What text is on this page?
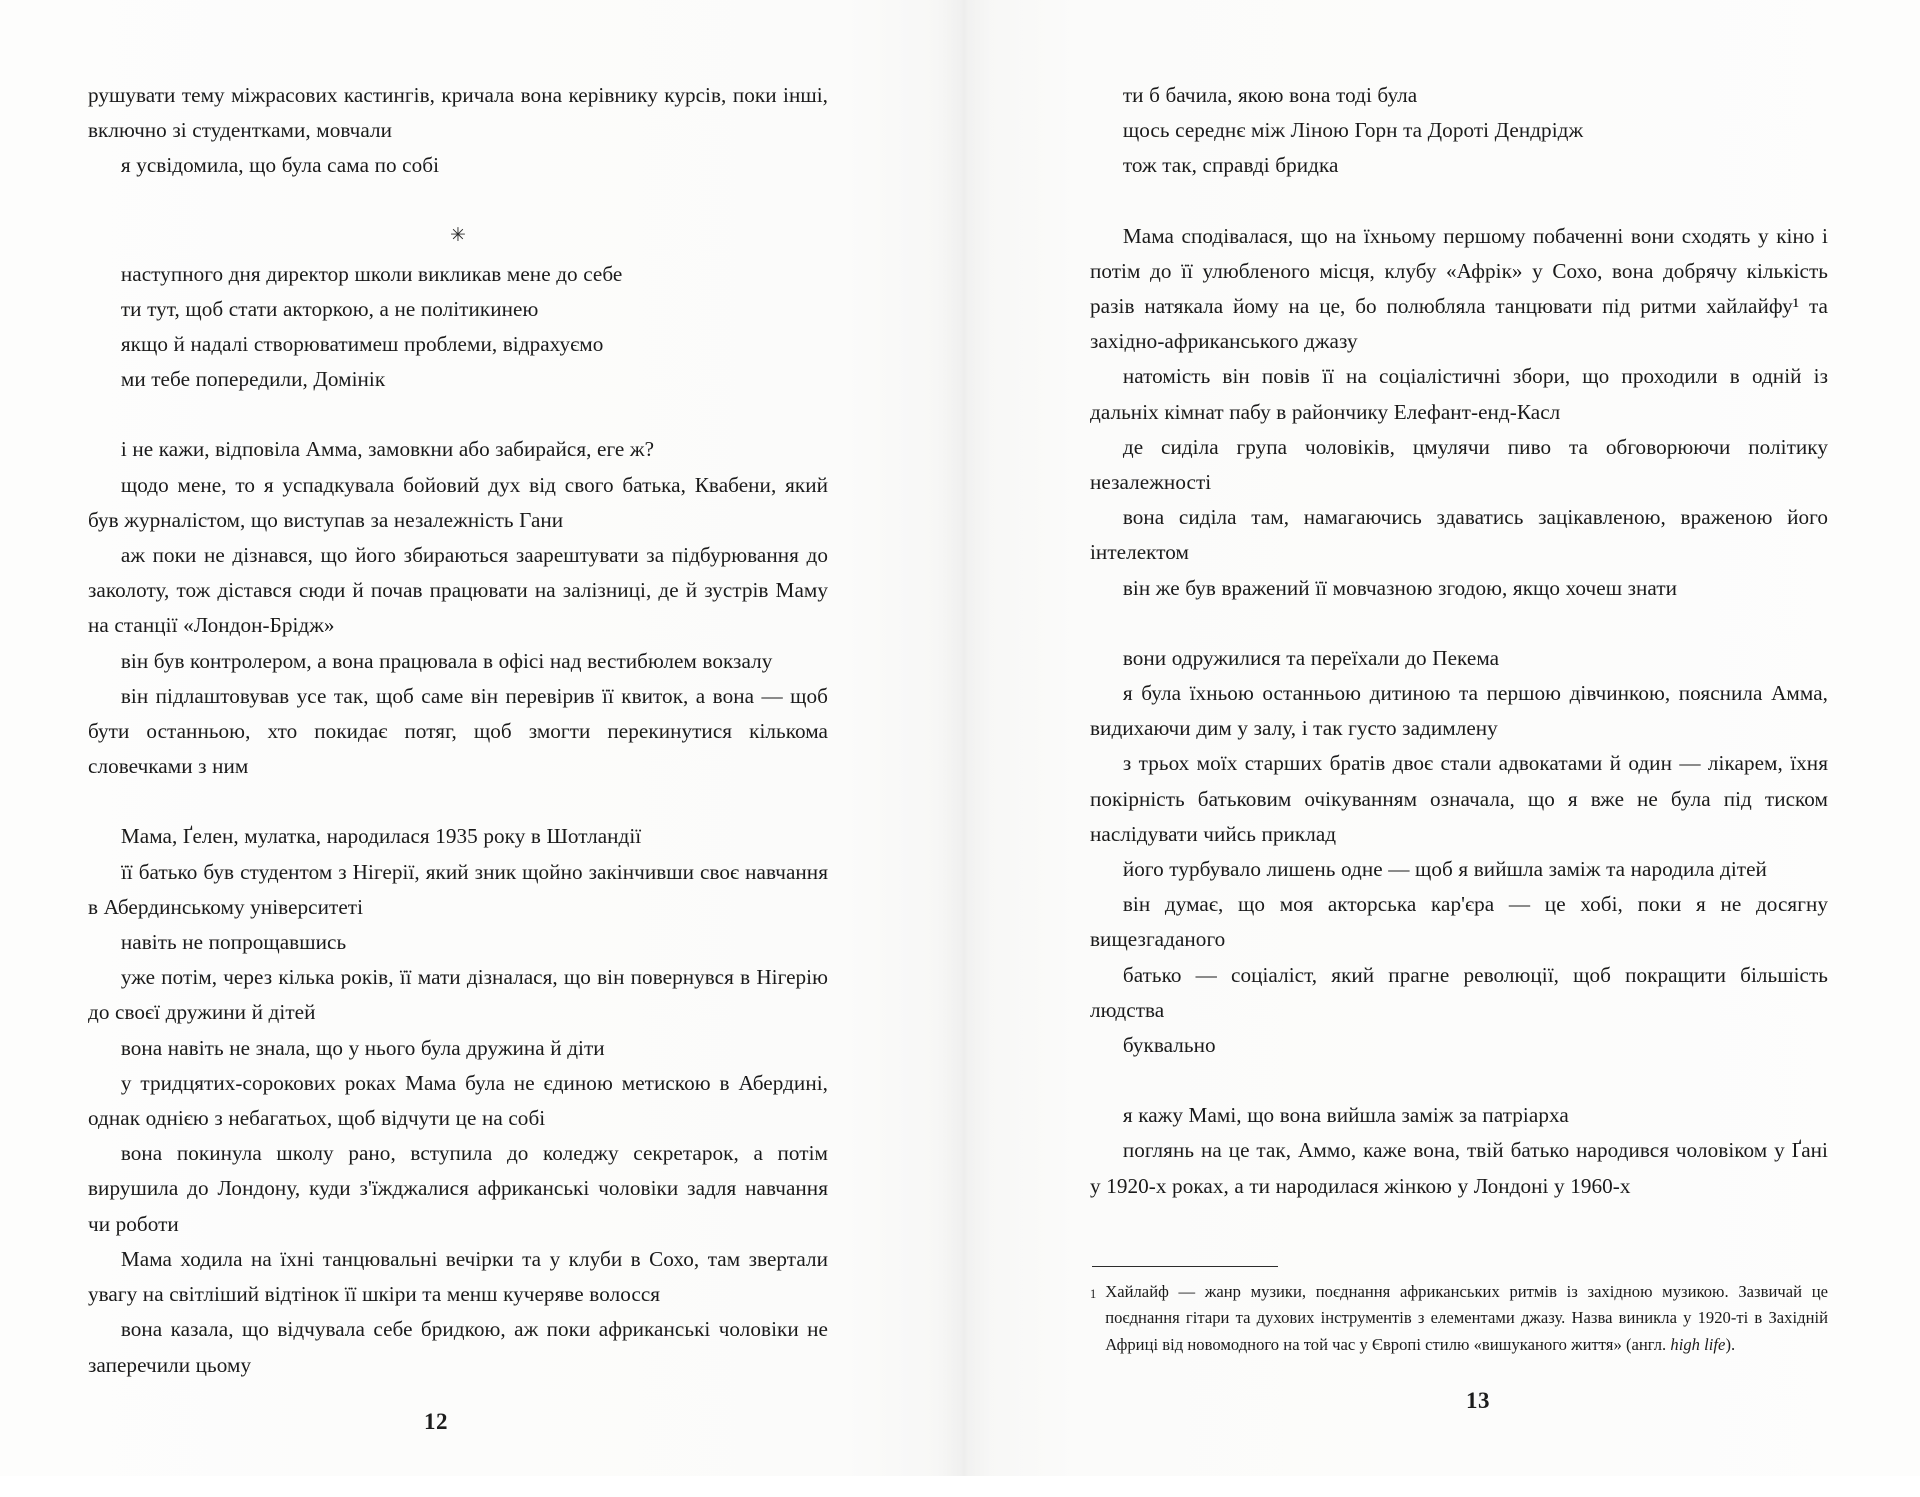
рушувати тему міжрасових кастингів, кричала вона керівнику курсів, поки інші, включно зі студентками, мовчали

я усвідомила, що була сама по собі

✳

наступного дня директор школи викликав мене до себе

ти тут, щоб стати акторкою, а не політикинею

якщо й надалі створюватимеш проблеми, відрахуємо

ми тебе попередили, Домінік

і не кажи, відповіла Амма, замовкни або забирайся, еге ж?

щодо мене, то я успадкувала бойовий дух від свого батька, Квабени, який був журналістом, що виступав за незалежність Гани

аж поки не дізнався, що його збираються заарештувати за підбурювання до заколоту, тож дістався сюди й почав працювати на залізниці, де й зустрів Маму на станції «Лондон-Брідж»

він був контролером, а вона працювала в офісі над вестибюлем вокзалу

він підлаштовував усе так, щоб саме він перевірив її квиток, а вона — щоб бути останньою, хто покидає потяг, щоб змогти перекинутися кількома словечками з ним

Мама, Ґелен, мулатка, народилася 1935 року в Шотландії

її батько був студентом з Нігерії, який зник щойно закінчивши своє навчання в Абердинському університеті

навіть не попрощавшись

уже потім, через кілька років, її мати дізналася, що він повернувся в Нігерію до своєї дружини й дітей

вона навіть не знала, що у нього була дружина й діти

у тридцятих-сорокових роках Мама була не єдиною метискою в Абердині, однак однією з небагатьох, щоб відчути це на собі

вона покинула школу рано, вступила до коледжу секретарок, а потім вирушила до Лондону, куди з'їжджалися африканські чоловіки задля навчання чи роботи

Мама ходила на їхні танцювальні вечірки та у клуби в Сохо, там звертали увагу на світліший відтінок її шкіри та менш кучеряве волосся

вона казала, що відчувала себе бридкою, аж поки африканські чоловіки не заперечили цьому

12

ти б бачила, якою вона тоді була

щось середнє між Ліною Горн та Дороті Дендрідж

тож так, справді бридка

Мама сподівалася, що на їхньому першому побаченні вони сходять у кіно і потім до її улюбленого місця, клубу «Афрік» у Сохо, вона добрячу кількість разів натякала йому на це, бо полюбляла танцювати під ритми хайлайфу¹ та західно-африканського джазу

натомість він повів її на соціалістичні збори, що проходили в одній із дальніх кімнат пабу в райончику Елефант-енд-Касл

де сиділа група чоловіків, цмулячи пиво та обговорюючи політику незалежності

вона сиділа там, намагаючись здаватись зацікавленою, враженою його інтелектом

він же був вражений її мовчазною згодою, якщо хочеш знати

вони одружилися та переїхали до Пекема

я була їхньою останньою дитиною та першою дівчинкою, пояснила Амма, видихаючи дим у залу, і так густо задимлену

з трьох моїх старших братів двоє стали адвокатами й один — лікарем, їхня покірність батьковим очікуванням означала, що я вже не була під тиском наслідувати чийсь приклад

його турбувало лишень одне — щоб я вийшла заміж та народила дітей

він думає, що моя акторська кар'єра — це хобі, поки я не досягну вищезгаданого

батько — соціаліст, який прагне революції, щоб покращити більшість людства

буквально

я кажу Мамі, що вона вийшла заміж за патріарха

поглянь на це так, Аммо, каже вона, твій батько народився чоловіком у Ґані у 1920-х роках, а ти народилася жінкою у Лондоні у 1960-х

1 Хайлайф — жанр музики, поєднання африканських ритмів із західною музикою. Зазвичай це поєднання гітари та духових інструментів з елементами джазу. Назва виникла у 1920-ті в Західній Африці від новомодного на той час у Європі стилю «вишуканого життя» (англ. high life).
13
